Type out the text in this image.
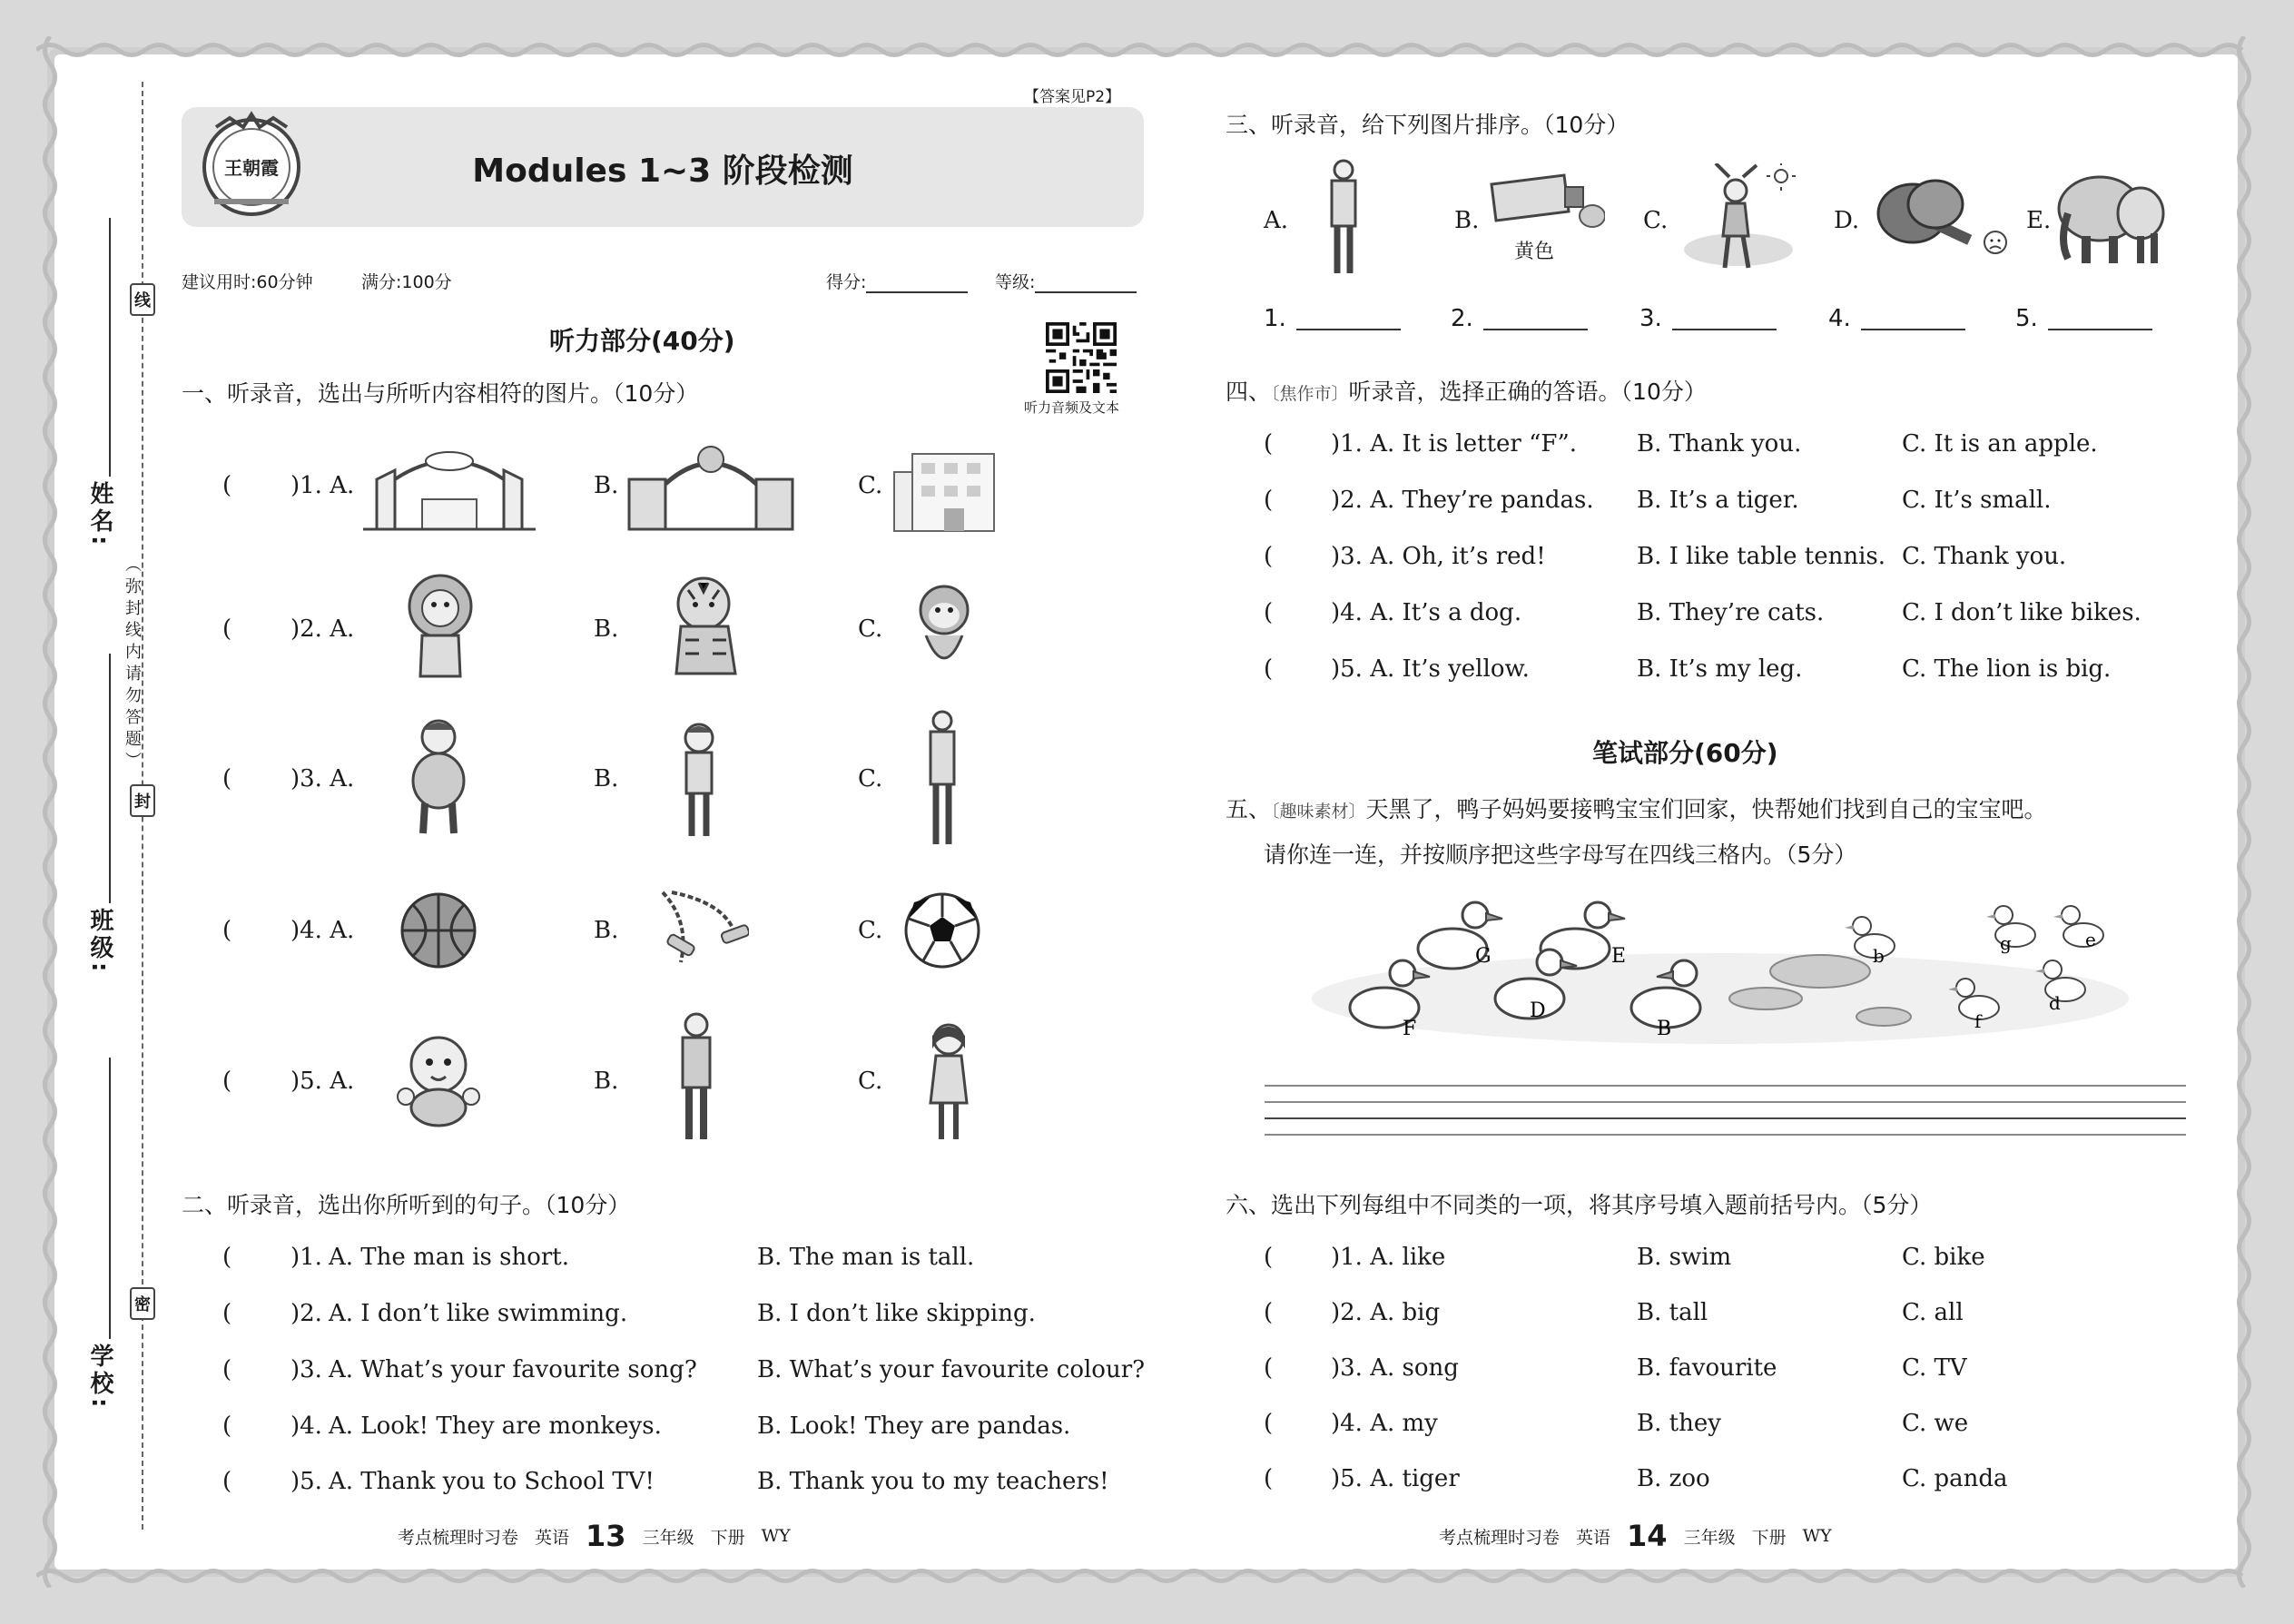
姓名:
班级:
学校:
线
封
密
（弥封线内请勿答题）
【答案见P2】
王朝霞	Modules 1~3 阶段检测
建议用时:60分钟	满分:100分	得分:	等级:
听力部分(40分)
听力音频及文本
一、听录音，选出与所听内容相符的图片。（10分）
( )1. A.	B.	C.
( )2. A.	B.	C.
( )3. A.	B.	C.
( )4. A.	B.	C.
( )5. A.	B.	C.
二、听录音，选出你所听到的句子。（10分）
( )1. A. The man is short.	B. The man is tall.
( )2. A. I don’t like swimming.	B. I don’t like skipping.
( )3. A. What’s your favourite song?	B. What’s your favourite colour?
( )4. A. Look! They are monkeys.	B. Look! They are pandas.
( )5. A. Thank you to School TV!	B. Thank you to my teachers!
考点梳理时习卷 英语 13 三年级 下册 WY
三、听录音，给下列图片排序。（10分）
A.	B.
黄色
C.	D.	E.
1.	2.	3.	4.	5.
四、〔焦作市〕听录音，选择正确的答语。（10分）
( )1. A. It is letter “F”.	B. Thank you.	C. It is an apple.
( )2. A. They’re pandas. B. It’s a tiger.	C. It’s small.
( )3. A. Oh, it’s red!	B. I like table tennis. C. Thank you.
( )4. A. It’s a dog.	B. They’re cats.	C. I don’t like bikes.
( )5. A. It’s yellow.	B. It’s my leg.	C. The lion is big.
笔试部分(60分)
五、〔趣味素材〕天黑了，鸭子妈妈要接鸭宝宝们回家，快帮她们找到自己的宝宝吧。
请你连一连，并按顺序把这些字母写在四线三格内。（5分）
G	E
D
F	B
b
g	e
d
f
六、选出下列每组中不同类的一项，将其序号填入题前括号内。（5分）
( )1. A. like	B. swim	C. bike
( )2. A. big	B. tall	C. all
( )3. A. song	B. favourite	C. TV
( )4. A. my	B. they	C. we
( )5. A. tiger	B. zoo	C. panda
考点梳理时习卷 英语 14 三年级 下册 WY
